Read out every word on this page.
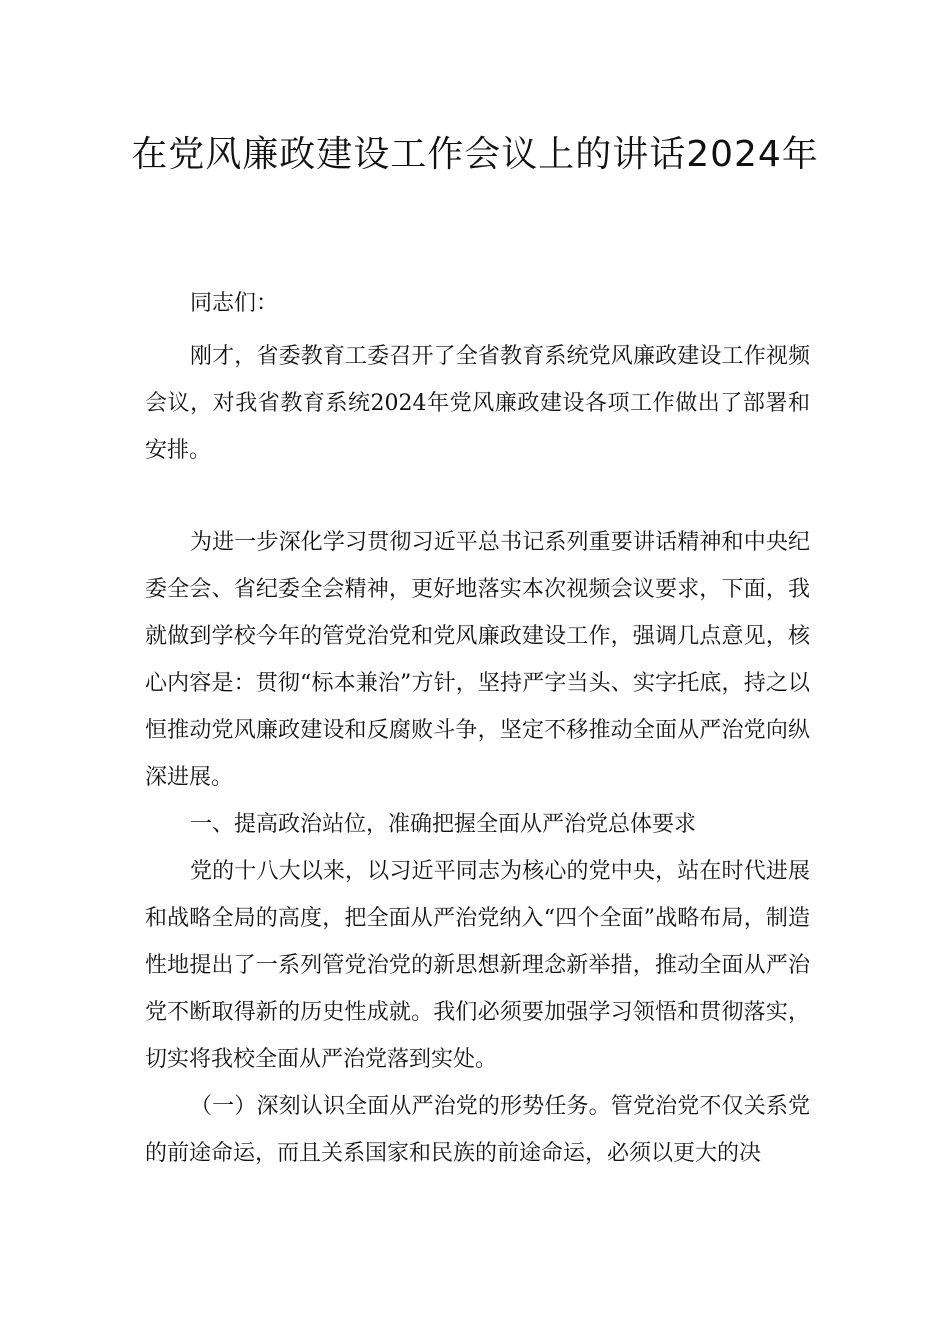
在党风廉政建设工作会议上的讲话2024年

同志们：

刚才，省委教育工委召开了全省教育系统党风廉政建设工作视频会议，对我省教育系统2024年党风廉政建设各项工作做出了部署和安排。

为进一步深化学习贯彻习近平总书记系列重要讲话精神和中央纪委全会、省纪委全会精神，更好地落实本次视频会议要求，下面，我就做到学校今年的管党治党和党风廉政建设工作，强调几点意见，核心内容是：贯彻“标本兼治”方针，坚持严字当头、实字托底，持之以恒推动党风廉政建设和反腐败斗争，坚定不移推动全面从严治党向纵深进展。

一、提高政治站位，准确把握全面从严治党总体要求

党的十八大以来，以习近平同志为核心的党中央，站在时代进展和战略全局的高度，把全面从严治党纳入“四个全面”战略布局，制造性地提出了一系列管党治党的新思想新理念新举措，推动全面从严治党不断取得新的历史性成就。我们必须要加强学习领悟和贯彻落实，切实将我校全面从严治党落到实处。

（一）深刻认识全面从严治党的形势任务。管党治党不仅关系党的前途命运，而且关系国家和民族的前途命运，必须以更大的决
